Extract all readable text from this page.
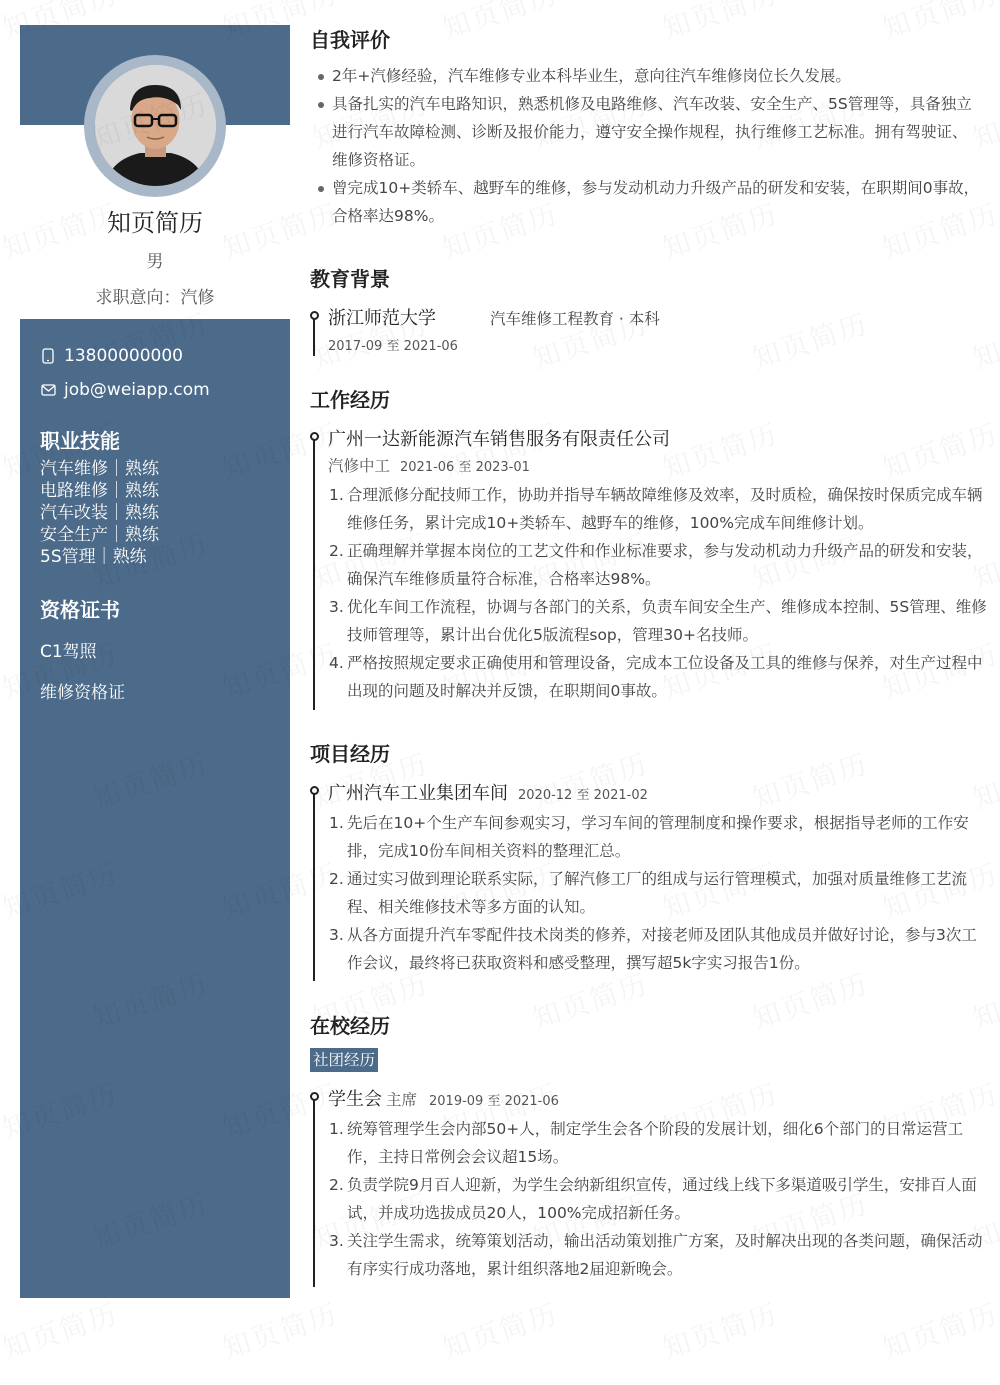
知页简历
男
求职意向：汽修
13800000000
job@weiapp.com
职业技能
汽车维修 ｜熟练
电路维修 ｜熟练
汽车改装 ｜熟练
安全生产 ｜熟练
5S管理 ｜熟练
资格证书
C1驾照
维修资格证
自我评价
2年+汽修经验，汽车维修专业本科毕业生，意向往汽车维修岗位长久发展。
具备扎实的汽车电路知识，熟悉机修及电路维修、汽车改装、安全生产、5S管理等，具备独立进行汽车故障检测、诊断及报价能力，遵守安全操作规程，执行维修工艺标准。拥有驾驶证、维修资格证。
曾完成10+类轿车、越野车的维修，参与发动机动力升级产品的研发和安装，在职期间0事故，合格率达98%。
教育背景
浙江师范大学	汽车维修工程教育 · 本科
2017-09 至 2021-06
工作经历
广州一达新能源汽车销售服务有限责任公司
汽修中工 2021-06 至 2023-01
1. 合理派修分配技师工作，协助并指导车辆故障维修及效率，及时质检，确保按时保质完成车辆维修任务，累计完成10+类轿车、越野车的维修，100%完成车间维修计划。
2. 正确理解并掌握本岗位的工艺文件和作业标准要求，参与发动机动力升级产品的研发和安装，确保汽车维修质量符合标准，合格率达98%。
3. 优化车间工作流程，协调与各部门的关系，负责车间安全生产、维修成本控制、5S管理、维修技师管理等，累计出台优化5版流程sop，管理30+名技师。
4. 严格按照规定要求正确使用和管理设备，完成本工位设备及工具的维修与保养，对生产过程中出现的问题及时解决并反馈，在职期间0事故。
项目经历
广州汽车工业集团车间 2020-12 至 2021-02
1. 先后在10+个生产车间参观实习，学习车间的管理制度和操作要求，根据指导老师的工作安排，完成10份车间相关资料的整理汇总。
2. 通过实习做到理论联系实际，了解汽修工厂的组成与运行管理模式，加强对质量维修工艺流程、相关维修技术等多方面的认知。
3. 从各方面提升汽车零配件技术岗类的修养，对接老师及团队其他成员并做好讨论，参与3次工作会议，最终将已获取资料和感受整理，撰写超5k字实习报告1份。
在校经历
社团经历
学生会 主席 2019-09 至 2021-06
1. 统筹管理学生会内部50+人，制定学生会各个阶段的发展计划，细化6个部门的日常运营工作，主持日常例会会议超15场。
2. 负责学院9月百人迎新，为学生会纳新组织宣传，通过线上线下多渠道吸引学生，安排百人面试，并成功选拔成员20人，100%完成招新任务。
3. 关注学生需求，统筹策划活动，输出活动策划推广方案，及时解决出现的各类问题，确保活动有序实行成功落地，累计组织落地2届迎新晚会。
